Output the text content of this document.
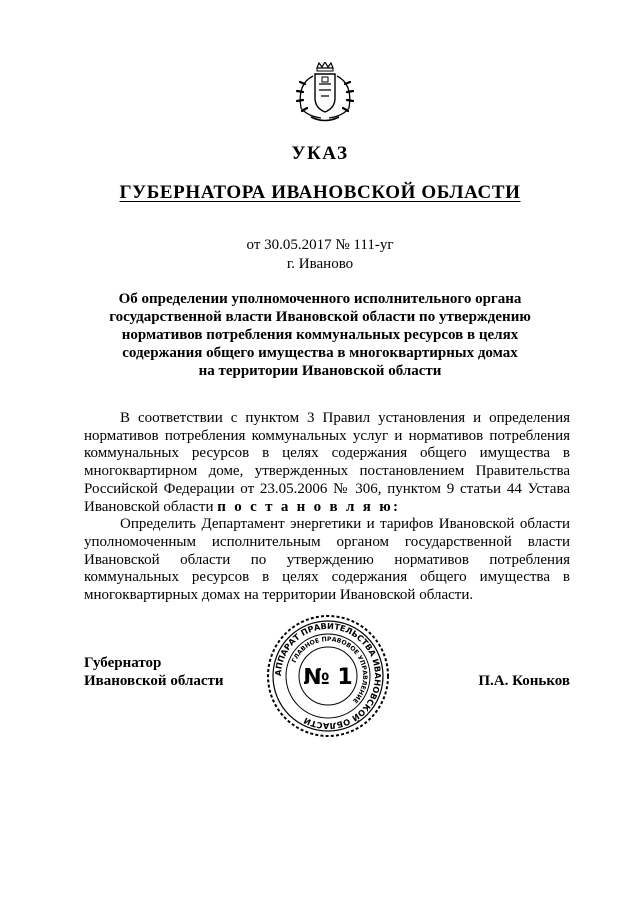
УКАЗ
ГУБЕРНАТОРА ИВАНОВСКОЙ ОБЛАСТИ
от 30.05.2017 № 111-уг
г. Иваново
Об определении уполномоченного исполнительного органа
государственной власти Ивановской области по утверждению
нормативов потребления коммунальных ресурсов в целях
содержания общего имущества в многоквартирных домах
на территории Ивановской области

В соответствии с пунктом 3 Правил установления и определения нормативов потребления коммунальных услуг и нормативов потребления коммунальных ресурсов в целях содержания общего имущества в многоквартирном доме, утвержденных постановлением Правительства Российской Федерации от 23.05.2006 № 306, пунктом 9 статьи 44 Устава Ивановской области п о с т а н о в л я ю:

Определить Департамент энергетики и тарифов Ивановской области уполномоченным исполнительным органом государственной власти Ивановской области по утверждению нормативов потребления коммунальных ресурсов в целях содержания общего имущества в многоквартирных домах на территории Ивановской области.

Губернатор
Ивановской области	П.А. Коньков
АППАРАТ ПРАВИТЕЛЬСТВА ИВАНОВСКОЙ ОБЛАСТИ
ГЛАВНОЕ ПРАВОВОЕ УПРАВЛЕНИЕ
№ 1
